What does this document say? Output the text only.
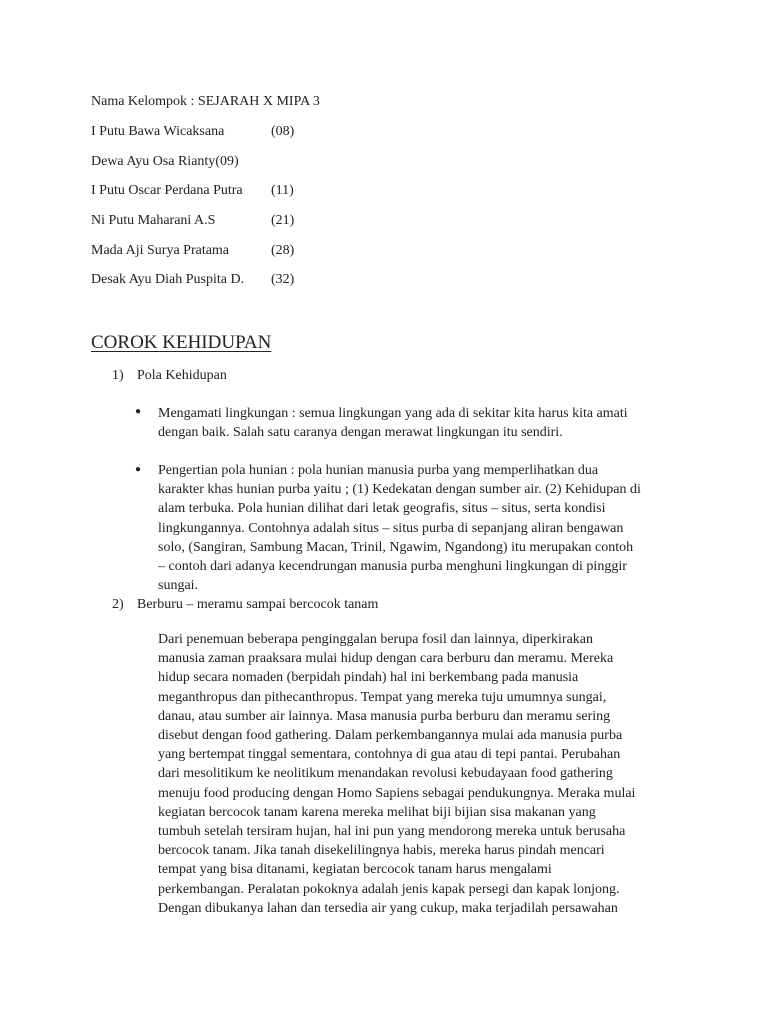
Nama Kelompok : SEJARAH X MIPA 3
I Putu Bawa Wicaksana	(08)
Dewa Ayu Osa Rianty(09)
I Putu Oscar Perdana Putra (11)
Ni Putu Maharani A.S	(21)
Mada Aji Surya Pratama	(28)
Desak Ayu Diah Puspita D. (32)
COROK KEHIDUPAN
1) Pola Kehidupan
● Mengamati lingkungan : semua lingkungan yang ada di sekitar kita harus kita amati

dengan baik. Salah satu caranya dengan merawat lingkungan itu sendiri.

● Pengertian pola hunian : pola hunian manusia purba yang memperlihatkan dua

karakter khas hunian purba yaitu ; (1) Kedekatan dengan sumber air. (2) Kehidupan di

alam terbuka. Pola hunian dilihat dari letak geografis, situs – situs, serta kondisi

lingkungannya. Contohnya adalah situs – situs purba di sepanjang aliran bengawan

solo, (Sangiran, Sambung Macan, Trinil, Ngawim, Ngandong) itu merupakan contoh

– contoh dari adanya kecendrungan manusia purba menghuni lingkungan di pinggir

sungai.

2) Berburu – meramu sampai bercocok tanam

Dari penemuan beberapa penginggalan berupa fosil dan lainnya, diperkirakan

manusia zaman praaksara mulai hidup dengan cara berburu dan meramu. Mereka

hidup secara nomaden (berpidah pindah) hal ini berkembang pada manusia

meganthropus dan pithecanthropus. Tempat yang mereka tuju umumnya sungai,

danau, atau sumber air lainnya. Masa manusia purba berburu dan meramu sering

disebut dengan food gathering. Dalam perkembangannya mulai ada manusia purba

yang bertempat tinggal sementara, contohnya di gua atau di tepi pantai. Perubahan

dari mesolitikum ke neolitikum menandakan revolusi kebudayaan food gathering

menuju food producing dengan Homo Sapiens sebagai pendukungnya. Meraka mulai

kegiatan bercocok tanam karena mereka melihat biji bijian sisa makanan yang

tumbuh setelah tersiram hujan, hal ini pun yang mendorong mereka untuk berusaha

bercocok tanam. Jika tanah disekelilingnya habis, mereka harus pindah mencari

tempat yang bisa ditanami, kegiatan bercocok tanam harus mengalami

perkembangan. Peralatan pokoknya adalah jenis kapak persegi dan kapak lonjong.

Dengan dibukanya lahan dan tersedia air yang cukup, maka terjadilah persawahan
